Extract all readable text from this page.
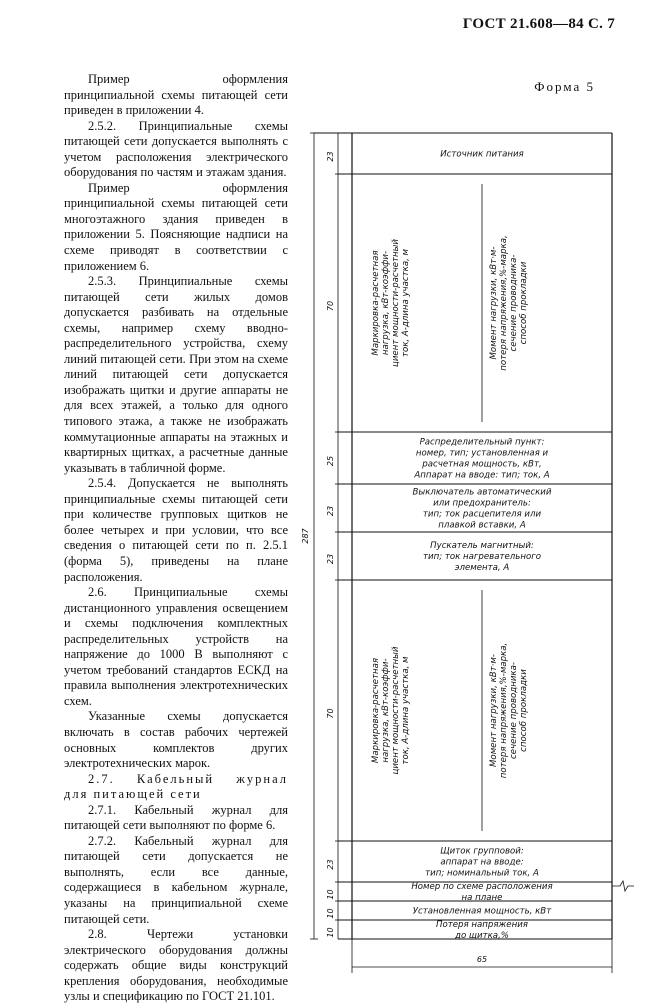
ГОСТ 21.608—84 С. 7
Форма 5

Пример оформления принципиальной схемы питающей сети приведен в приложении 4.

2.5.2. Принципиальные схемы питающей сети допускается выполнять с учетом расположения электрического оборудования по частям и этажам здания.

Пример оформления принципиальной схемы питающей сети многоэтажного здания приведен в приложении 5. Поясняющие надписи на схеме приводят в соответствии с приложением 6.

2.5.3. Принципиальные схемы питающей сети жилых домов допускается разбивать на отдельные схемы, например схему вводно-распределительного устройства, схему линий питающей сети. При этом на схеме линий питающей сети допускается изображать щитки и другие аппараты не для всех этажей, а только для одного типового этажа, а также не изображать коммутационные аппараты на этажных и квартирных щитках, а расчетные данные указывать в табличной форме.

2.5.4. Допускается не выполнять принципиальные схемы питающей сети при количестве групповых щитков не более четырех и при условии, что все сведения о питающей сети по п. 2.5.1 (форма 5), приведены на плане расположения.

2.6. Принципиальные схемы дистанционного управления освещением и схемы подключения комплектных распределительных устройств на напряжение до 1000 В выполняют с учетом требований стандартов ЕСКД на правила выполнения электротехнических схем.

Указанные схемы допускается включать в состав рабочих чертежей основных комплектов других электротехнических марок.

2.7. Кабельный журнал

для питающей сети

2.7.1. Кабельный журнал для питающей сети выполняют по форме 6.

2.7.2. Кабельный журнал для питающей сети допускается не выполнять, если все данные, содержащиеся в кабельном журнале, указаны на принципиальной схеме питающей сети.

2.8. Чертежи установки электрического оборудования должны содержать общие виды конструкций крепления оборудования, необходимые узлы и спецификацию по ГОСТ 21.101.

287
23
70
25
23
23
70
23
10
10
10
Источник питания
Маркировка-расчетная нагрузка, кВт-коэффи- циент мощности-расчетный ток, А-длина участка, м	Момент нагрузки, кВт·м- потеря напряжения,%-марка, сечение проводника- способ прокладки
Распределительный пункт:
номер, тип; установленная и
расчетная мощность, кВт,
Аппарат на вводе: тип; ток, А
Выключатель автоматический
или предохранитель:
тип; ток расцепителя или
плавкой вставки, А
Пускатель магнитный:
тип; ток нагревательного
элемента, А
Маркировка-расчетная нагрузка, кВт-коэффи- циент мощности-расчетный ток, А-длина участка, м	Момент нагрузки, кВт·м- потеря напряжения,%-марка, сечение проводника- способ прокладки
Щиток групповой:
аппарат на вводе:
тип; номинальный ток, А
Номер по схеме расположения
на плане
Установленная мощность, кВт
Потеря напряжения
до щитка,%
65
